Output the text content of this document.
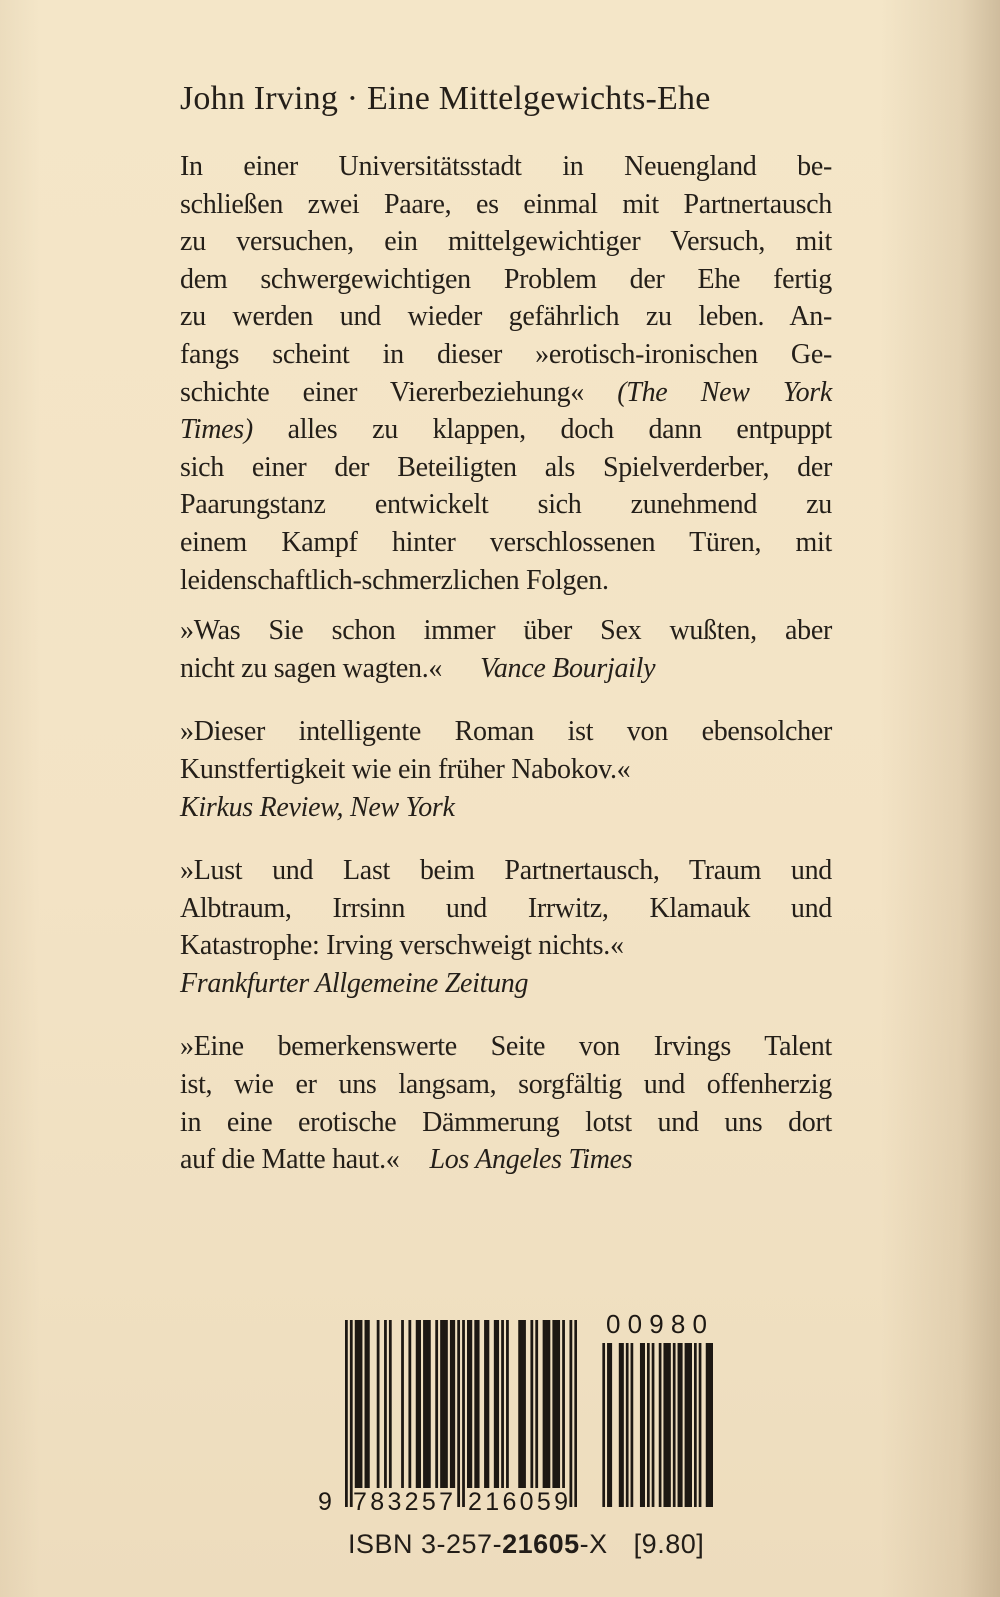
John Irving · Eine Mittelgewichts-Ehe
In einer Universitätsstadt in Neuengland be-
schließen zwei Paare, es einmal mit Partnertausch
zu versuchen, ein mittelgewichtiger Versuch, mit
dem schwergewichtigen Problem der Ehe fertig
zu werden und wieder gefährlich zu leben. An-
fangs scheint in dieser »erotisch-ironischen Ge-
schichte einer Viererbeziehung« (The New York
Times) alles zu klappen, doch dann entpuppt
sich einer der Beteiligten als Spielverderber, der
Paarungstanz entwickelt sich zunehmend zu
einem Kampf hinter verschlossenen Türen, mit
leidenschaftlich-schmerzlichen Folgen.
»Was Sie schon immer über Sex wußten, aber
nicht zu sagen wagten.« Vance Bourjaily
»Dieser intelligente Roman ist von ebensolcher
Kunstfertigkeit wie ein früher Nabokov.«
Kirkus Review, New York
»Lust und Last beim Partnertausch, Traum und
Albtraum, Irrsinn und Irrwitz, Klamauk und
Katastrophe: Irving verschweigt nichts.«
Frankfurter Allgemeine Zeitung
»Eine bemerkenswerte Seite von Irvings Talent
ist, wie er uns langsam, sorgfältig und offenherzig
in eine erotische Dämmerung lotst und uns dort
auf die Matte haut.« Los Angeles Times
9 7 8 3 2 5 7 2 1 6 0 5 9
0 0 9 8 0
ISBN 3-257-21605-X [9.80]
